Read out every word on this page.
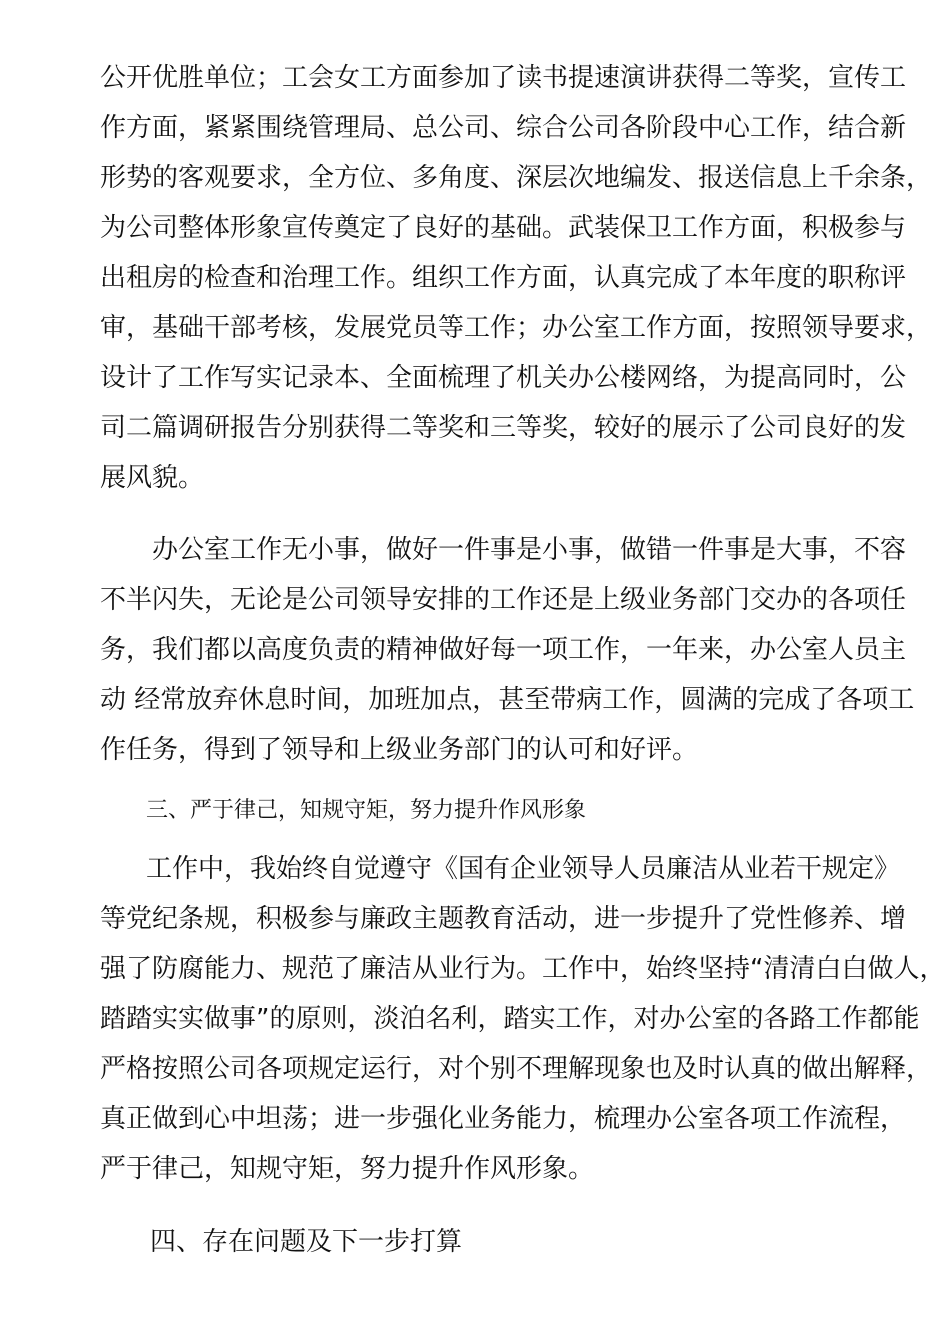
公开优胜单位；工会女工方面参加了读书提速演讲获得二等奖，宣传工
作方面，紧紧围绕管理局、总公司、综合公司各阶段中心工作，结合新
形势的客观要求，全方位、多角度、深层次地编发、报送信息上千余条，
为公司整体形象宣传奠定了良好的基础。武装保卫工作方面，积极参与
出租房的检查和治理工作。组织工作方面，认真完成了本年度的职称评
审，基础干部考核，发展党员等工作；办公室工作方面，按照领导要求，
设计了工作写实记录本、全面梳理了机关办公楼网络，为提高同时，公
司二篇调研报告分别获得二等奖和三等奖，较好的展示了公司良好的发
展风貌。
办公室工作无小事，做好一件事是小事，做错一件事是大事，不容
不半闪失，无论是公司领导安排的工作还是上级业务部门交办的各项任
务，我们都以高度负责的精神做好每一项工作，一年来，办公室人员主
动 经常放弃休息时间，加班加点，甚至带病工作，圆满的完成了各项工
作任务，得到了领导和上级业务部门的认可和好评。
三、严于律己，知规守矩，努力提升作风形象
工作中，我始终自觉遵守《国有企业领导人员廉洁从业若干规定》
等党纪条规，积极参与廉政主题教育活动，进一步提升了党性修养、增
强了防腐能力、规范了廉洁从业行为。工作中，始终坚持“清清白白做人，
踏踏实实做事”的原则，淡泊名利，踏实工作，对办公室的各路工作都能
严格按照公司各项规定运行，对个别不理解现象也及时认真的做出解释，
真正做到心中坦荡；进一步强化业务能力，梳理办公室各项工作流程，
严于律己，知规守矩，努力提升作风形象。
四、存在问题及下一步打算
